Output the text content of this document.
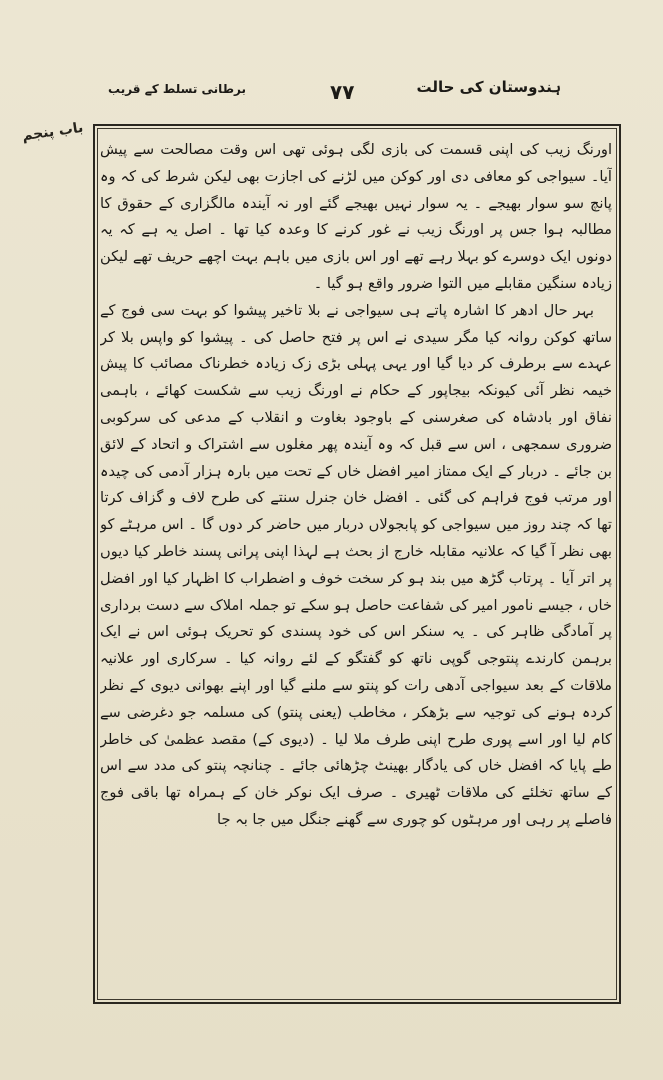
ہندوستان کی حالت
۷۷
برطانی تسلط کے قریب
باب پنجم

اورنگ زیب کی اپنی قسمت کی بازی لگی ہوئی تھی اس وقت مصالحت سے پیش آیا۔ سیواجی کو معافی دی اور کوکن میں لڑنے کی اجازت بھی لیکن شرط کی کہ وہ پانچ سو سوار بھیجے ۔ یہ سوار نہیں بھیجے گئے اور نہ آیندہ مالگزاری کے حقوق کا مطالبہ ہوا جس پر اورنگ زیب نے غور کرنے کا وعدہ کیا تھا ۔ اصل یہ ہے کہ یہ دونوں ایک دوسرے کو بہلا رہے تھے اور اس بازی میں باہم بہت اچھے حریف تھے لیکن زیادہ سنگین مقابلے میں التوا ضرور واقع ہو گیا ۔

بہر حال ادھر کا اشارہ پاتے ہی سیواجی نے بلا تاخیر پیشوا کو بہت سی فوج کے ساتھ کوکن روانہ کیا مگر سیدی نے اس پر فتح حاصل کی ۔ پیشوا کو واپس بلا کر عہدے سے برطرف کر دیا گیا اور یہی پہلی بڑی زک زیادہ خطرناک مصائب کا پیش خیمہ نظر آئی کیونکہ بیجاپور کے حکام نے اورنگ زیب سے شکست کھائے ، باہمی نفاق اور بادشاہ کی صغرسنی کے باوجود بغاوت و انقلاب کے مدعی کی سرکوبی ضروری سمجھی ، اس سے قبل کہ وہ آیندہ پھر مغلوں سے اشتراک و اتحاد کے لائق بن جائے ۔ دربار کے ایک ممتاز امیر افضل خاں کے تحت میں بارہ ہزار آدمی کی چیدہ اور مرتب فوج فراہم کی گئی ۔ افضل خان جنرل سنتے کی طرح لاف و گزاف کرتا تھا کہ چند روز میں سیواجی کو پابجولاں دربار میں حاضر کر دوں گا ۔ اس مرہٹے کو بھی نظر آ گیا کہ علانیہ مقابلہ خارج از بحث ہے لہذا اپنی پرانی پسند خاطر کیا دیوں پر اتر آیا ۔ پرتاب گڑھ میں بند ہو کر سخت خوف و اضطراب کا اظہار کیا اور افضل خاں ، جیسے نامور امیر کی شفاعت حاصل ہو سکے تو جملہ املاک سے دست برداری پر آمادگی ظاہر کی ۔ یہ سنکر اس کی خود پسندی کو تحریک ہوئی اس نے ایک برہمن کارندے پنتوجی گوپی ناتھ کو گفتگو کے لئے روانہ کیا ۔ سرکاری اور علانیہ ملاقات کے بعد سیواجی آدھی رات کو پنتو سے ملنے گیا اور اپنے بھوانی دیوی کے نظر کردہ ہونے کی توجیہ سے بڑھکر ، مخاطب (یعنی پنتو) کی مسلمہ جو دغرضی سے کام لیا اور اسے پوری طرح اپنی طرف ملا لیا ۔ (دیوی کے) مقصد عظمیٰ کی خاطر طے پایا کہ افضل خاں کی یادگار بھینٹ چڑھائی جائے ۔ چنانچہ پنتو کی مدد سے اس کے ساتھ تخلئے کی ملاقات ٹھیری ۔ صرف ایک نوکر خان کے ہمراہ تھا باقی فوج فاصلے پر رہی اور مرہٹوں کو چوری سے گھنے جنگل میں جا بہ جا
